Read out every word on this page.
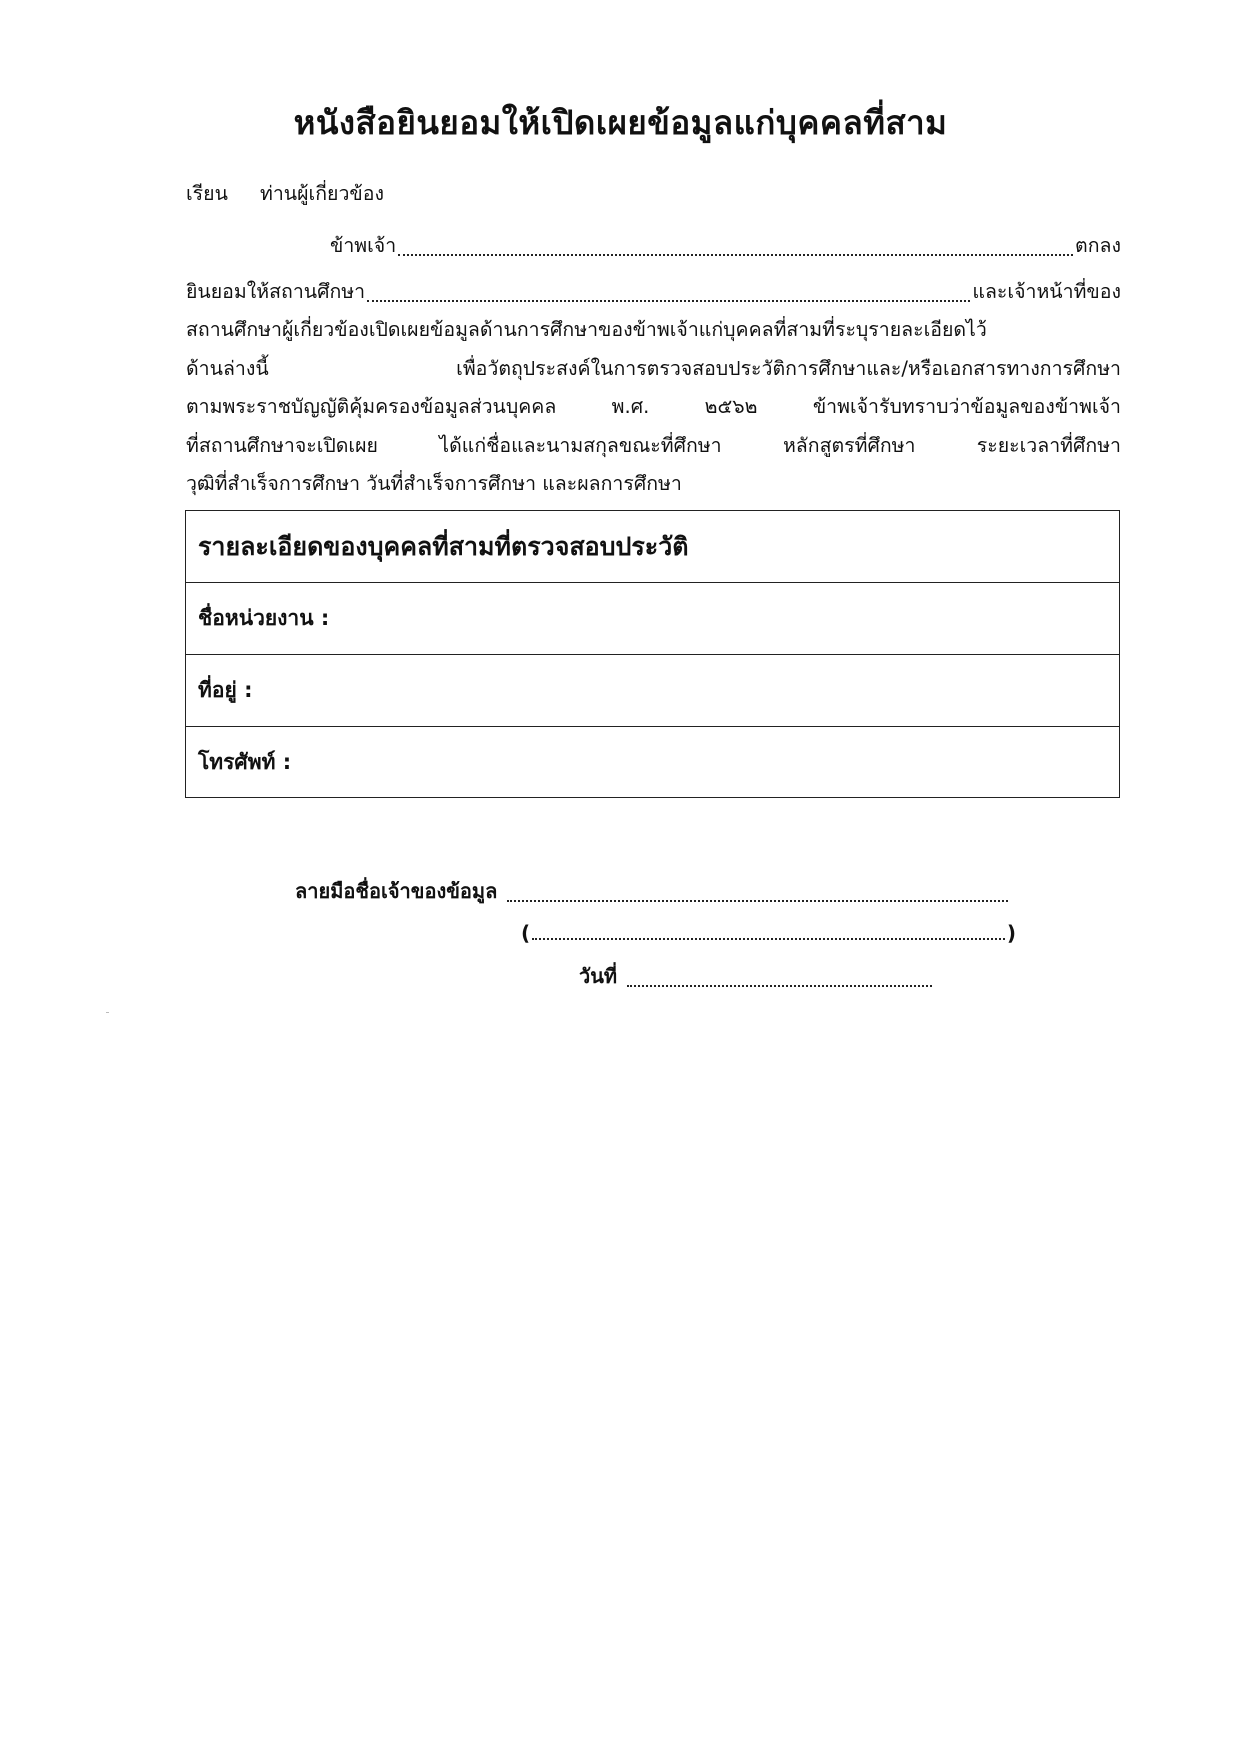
หนังสือยินยอมให้เปิดเผยข้อมูลแก่บุคคลที่สาม
เรียน ท่านผู้เกี่ยวข้อง
ข้าพเจ้า	ตกลง
ยินยอมให้สถานศึกษา	และเจ้าหน้าที่ของ
สถานศึกษาผู้เกี่ยวข้องเปิดเผยข้อมูลด้านการศึกษาของข้าพเจ้าแก่บุคคลที่สามที่ระบุรายละเอียดไว้
ด้านล่างนี้ เพื่อวัตถุประสงค์ในการตรวจสอบประวัติการศึกษาและ/หรือเอกสารทางการศึกษา
ตามพระราชบัญญัติคุ้มครองข้อมูลส่วนบุคคล พ.ศ. ๒๕๖๒ ข้าพเจ้ารับทราบว่าข้อมูลของข้าพเจ้า
ที่สถานศึกษาจะเปิดเผย ได้แก่ชื่อและนามสกุลขณะที่ศึกษา หลักสูตรที่ศึกษา ระยะเวลาที่ศึกษา
วุฒิที่สำเร็จการศึกษา วันที่สำเร็จการศึกษา และผลการศึกษา
รายละเอียดของบุคคลที่สามที่ตรวจสอบประวัติ
ชื่อหน่วยงาน :
ที่อยู่ :
โทรศัพท์ :
ลายมือชื่อเจ้าของข้อมูล
(	)
วันที่
